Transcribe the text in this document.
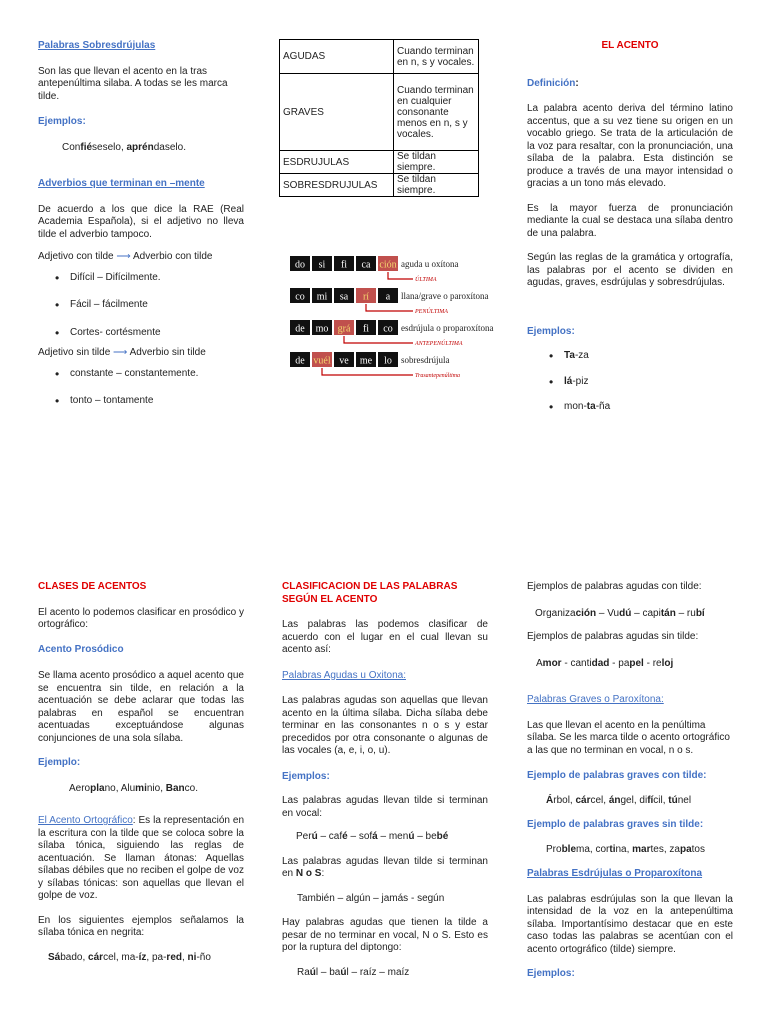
Palabras Sobresdrújulas

Son las que llevan el acento en la tras antepenúltima silaba. A todas se les marca tilde.

Ejemplos:

Confiéseselo, apréndaselo.

Adverbios que terminan en –mente

De acuerdo a los que dice la RAE (Real Academia Española), si el adjetivo no lleva tilde el adverbio tampoco.

Adjetivo con tilde ⟶ Adverbio con tilde

• Difícil – Difícilmente.
• Fácil – fácilmente
• Cortes- cortésmente

Adjetivo sin tilde ⟶ Adverbio sin tilde

• constante – constantemente.
• tonto – tontamente
AGUDAS	Cuando terminan en n, s y vocales.
GRAVES	Cuando terminan en cualquier consonante menos en n, s y vocales.
ESDRUJULAS	Se tildan siempre.
SOBRESDRUJULAS	Se tildan siempre.
do si fi ca ción aguda u oxítona
ÚLTIMA
co mi sa rí a llana/grave o paroxítona
PENÚLTIMA
de mo grá fi co esdrújula o proparoxítona
ANTEPENÚLTIMA
de vuél ve me lo sobresdrújula
Trasantepenúltima

EL ACENTO

Definición:

La palabra acento deriva del término latino accentus, que a su vez tiene su origen en un vocablo griego. Se trata de la articulación de la voz para resaltar, con la pronunciación, una sílaba de la palabra. Esta distinción se produce a través de una mayor intensidad o gracias a un tono más elevado.

Es la mayor fuerza de pronunciación mediante la cual se destaca una sílaba dentro de una palabra.

Según las reglas de la gramática y ortografía, las palabras por el acento se dividen en agudas, graves, esdrújulas y sobresdrújulas.

Ejemplos:

• Ta-za
• lá-piz
• mon-ta-ña

CLASES DE ACENTOS

El acento lo podemos clasificar en prosódico y ortográfico:

Acento Prosódico

Se llama acento prosódico a aquel acento que se encuentra sin tilde, en relación a la acentuación se debe aclarar que todas las palabras en español se encuentran acentuadas exceptuándose algunas conjunciones de una sola sílaba.

Ejemplo:

Aeroplano, Aluminio, Banco.

El Acento Ortográfico: Es la representación en la escritura con la tilde que se coloca sobre la sílaba tónica, siguiendo las reglas de acentuación. Se llaman átonas: Aquellas sílabas débiles que no reciben el golpe de voz y sílabas tónicas: son aquellas que llevan el golpe de voz.

En los siguientes ejemplos señalamos la sílaba tónica en negrita:

Sábado, cárcel, ma-íz, pa-red, ni-ño

CLASIFICACION DE LAS PALABRAS SEGÚN EL ACENTO

Las palabras las podemos clasificar de acuerdo con el lugar en el cual llevan su acento así:

Palabras Agudas u Oxitona:

Las palabras agudas son aquellas que llevan acento en la última sílaba. Dicha sílaba debe terminar en las consonantes n o s y estar precedidos por otra consonante o algunas de las vocales (a, e, i, o, u).

Ejemplos:

Las palabras agudas llevan tilde si terminan en vocal:

Perú – café – sofá – menú – bebé

Las palabras agudas llevan tilde si terminan en N o S:

También – algún – jamás - según

Hay palabras agudas que tienen la tilde a pesar de no terminar en vocal, N o S. Esto es por la ruptura del diptongo:

Raúl – baúl – raíz – maíz

Ejemplos de palabras agudas con tilde:

Organización – Vudú – capitán – rubí

Ejemplos de palabras agudas sin tilde:

Amor - cantidad - papel - reloj

Palabras Graves o Paroxítona:

Las que llevan el acento en la penúltima sílaba. Se les marca tilde o acento ortográfico a las que no terminan en vocal, n o s.

Ejemplo de palabras graves con tilde:

Árbol, cárcel, ángel, difícil, túnel

Ejemplo de palabras graves sin tilde:

Problema, cortina, martes, zapatos

Palabras Esdrújulas o Proparoxítona

Las palabras esdrújulas son la que llevan la intensidad de la voz en la antepenúltima sílaba. Importantísimo destacar que en este caso todas las palabras se acentúan con el acento ortográfico (tilde) siempre.

Ejemplos:
